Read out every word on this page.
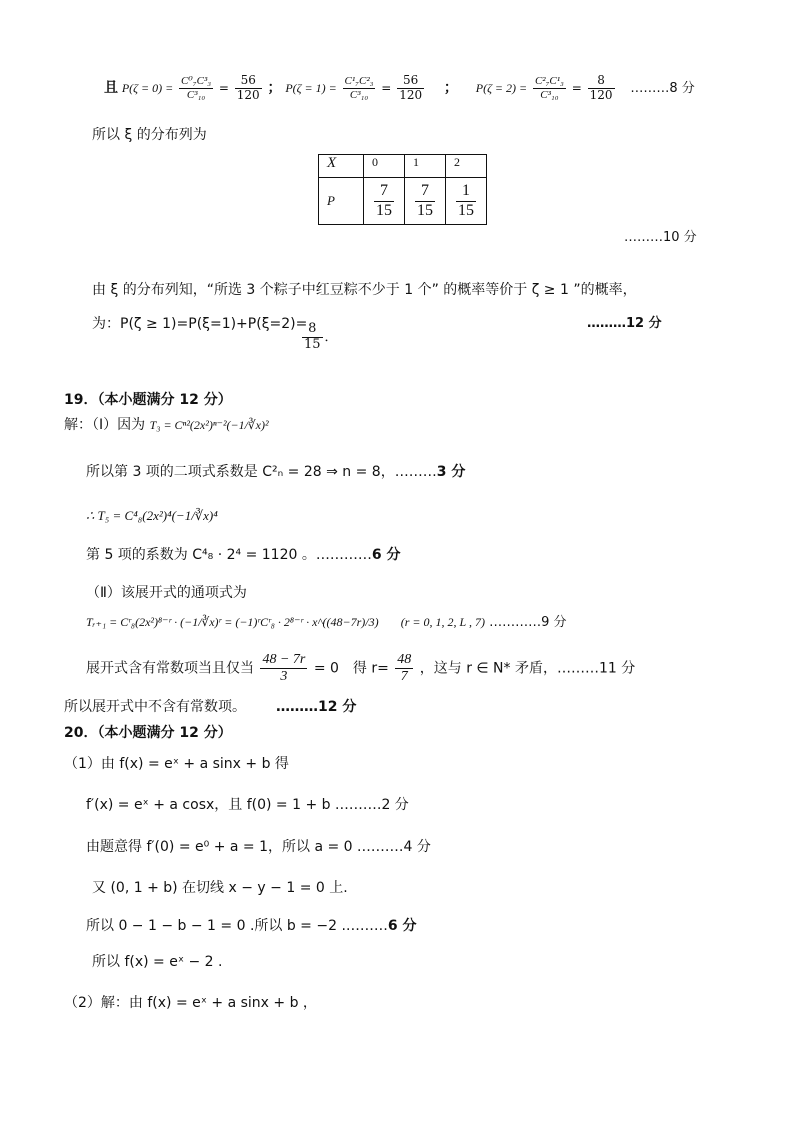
且 $P(\zeta = 0) = \frac{\text{C⁰₇C³₃}}{\text{C³₁₀}} = \frac{56}{120}$ ； $P(\zeta = 1) = \frac{\text{C¹₇C²₃}}{\text{C³₁₀}} = \frac{56}{120}$ ； $P(\zeta = 2) = \frac{\text{C²₇C¹₃}}{\text{C³₁₀}} = \frac{8}{120}$ ………8 分
所以 ξ 的分布列为
X	0	1	2
P	$\frac{7}{15}$	$\frac{7}{15}$	$\frac{1}{15}$
………10 分
由 ξ 的分布列知，“所选 3 个粽子中红豆粽不少于 1 个” 的概率等价于 ζ ≥ 1 ”的概率，
为：P(ζ ≥ 1)=P(ξ=1)+P(ξ=2)=
$\frac{8}{15}$ ．
………12 分
19．（本小题满分 12 分）
解：（Ⅰ）因为 T₃ = Cⁿ²(2x²)ⁿ⁻²(−1/∛x)²
所以第 3 项的二项式系数是 C²ₙ = 28 ⇒ n = 8，………3 分
∴ T₅ = C⁴₈(2x²)⁴(−1/∛x)⁴
第 5 项的系数为 C⁴₈ · 2⁴ = 1120 。…………6 分
（Ⅱ）该展开式的通项式为
Tᵣ₊₁ = Cʳ₈(2x²)⁸⁻ʳ · (−1/∛x)ʳ = (−1)ʳCʳ₈ · 2⁸⁻ʳ · x^((48−7r)/3) (r = 0, 1, 2, L , 7) …………9 分
展开式含有常数项当且仅当 $\frac{48 - 7r}{3} = 0$　得 $r= \frac{48}{7}$ ，这与 r ∈ N* 矛盾，………11 分
所以展开式中不含有常数项。 ………12 分
20．（本小题满分 12 分）
（1）由 f(x) = eˣ + a sinx + b 得
f′(x) = eˣ + a cosx，且 f(0) = 1 + b .………2 分
由题意得 f′(0) = e⁰ + a = 1，所以 a = 0 .………4 分
又 (0, 1 + b) 在切线 x − y − 1 = 0 上.
所以 0 − 1 − b − 1 = 0 .所以 b = −2 .………6 分
所以 f(x) = eˣ − 2 .
（2）解：由 f(x) = eˣ + a sinx + b ，
